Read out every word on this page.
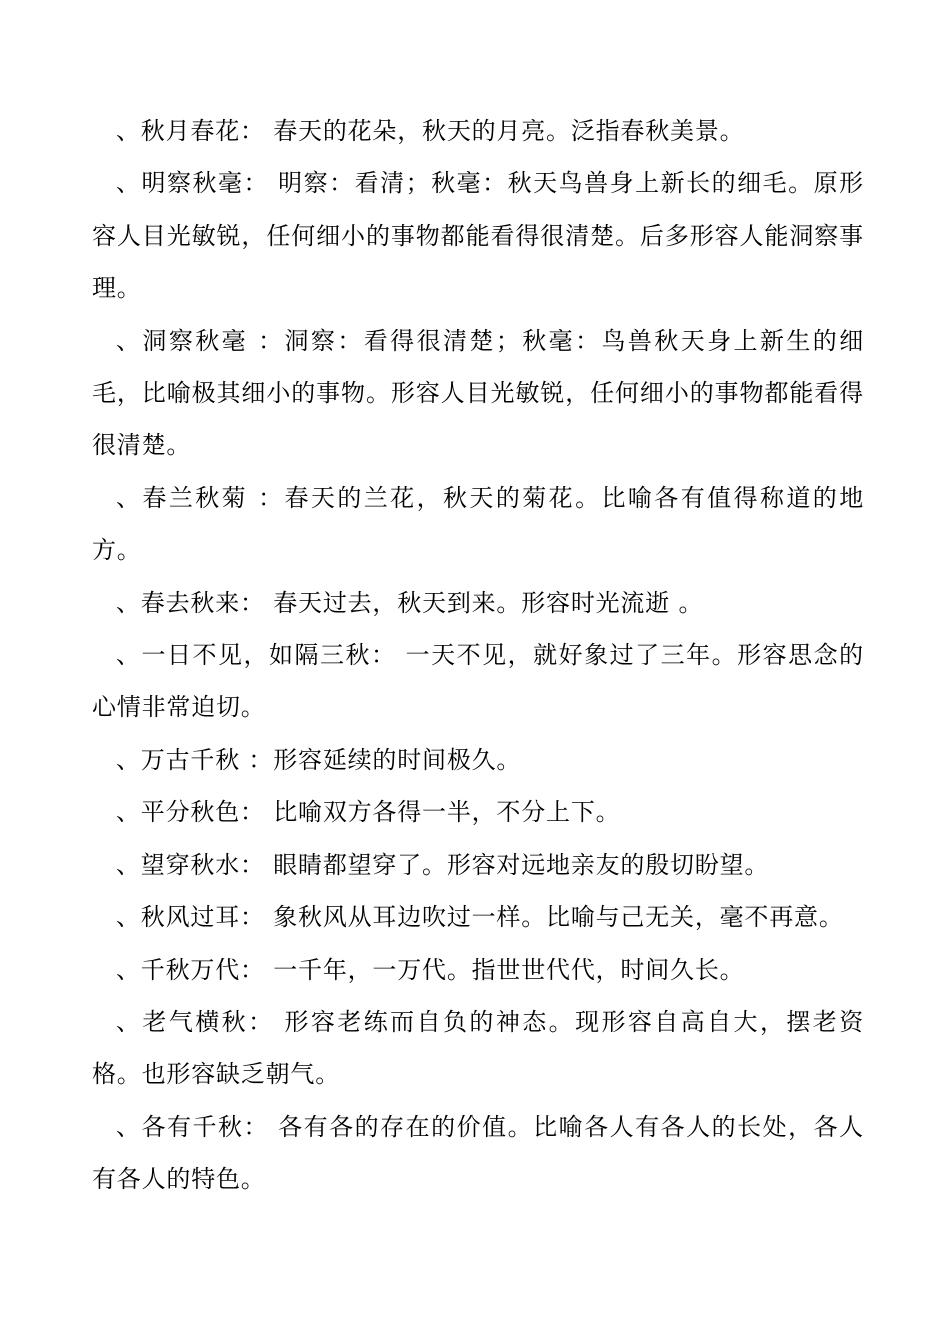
、秋月春花： 春天的花朵，秋天的月亮。泛指春秋美景。

、明察秋毫： 明察：看清；秋毫：秋天鸟兽身上新长的细毛。原形容人目光敏锐，任何细小的事物都能看得很清楚。后多形容人能洞察事理。

、洞察秋毫 ：洞察：看得很清楚；秋毫：鸟兽秋天身上新生的细毛，比喻极其细小的事物。形容人目光敏锐，任何细小的事物都能看得很清楚。

、春兰秋菊 ：春天的兰花，秋天的菊花。比喻各有值得称道的地方。

、春去秋来： 春天过去，秋天到来。形容时光流逝 。

、一日不见，如隔三秋： 一天不见，就好象过了三年。形容思念的心情非常迫切。

、万古千秋 ：形容延续的时间极久。

、平分秋色： 比喻双方各得一半，不分上下。

、望穿秋水： 眼睛都望穿了。形容对远地亲友的殷切盼望。

、秋风过耳： 象秋风从耳边吹过一样。比喻与己无关，毫不再意。

、千秋万代： 一千年，一万代。指世世代代，时间久长。

、老气横秋： 形容老练而自负的神态。现形容自高自大，摆老资格。也形容缺乏朝气。

、各有千秋： 各有各的存在的价值。比喻各人有各人的长处，各人有各人的特色。
